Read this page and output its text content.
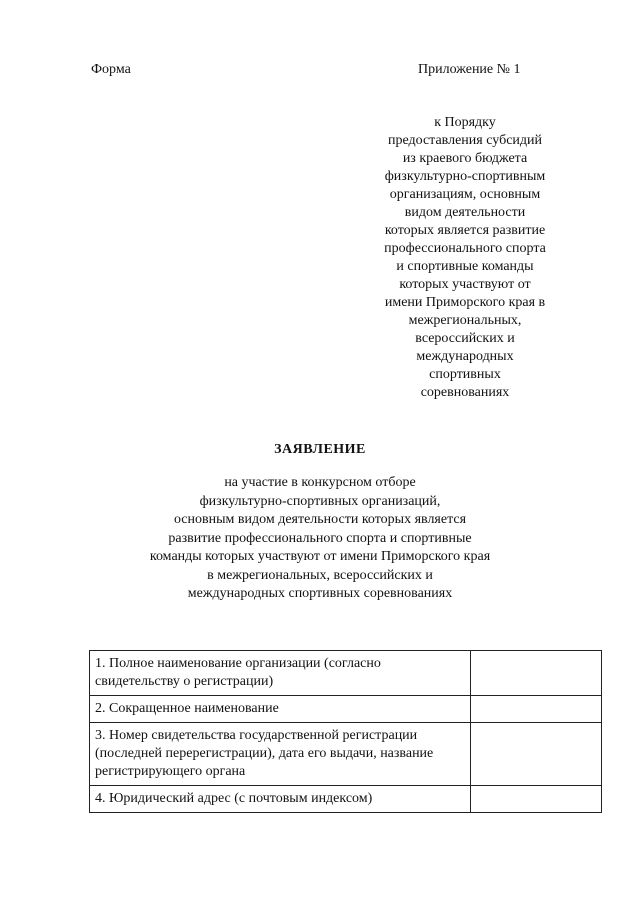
Форма	Приложение № 1
к Порядку
предоставления субсидий
из краевого бюджета
физкультурно-спортивным
организациям, основным
видом деятельности
которых является развитие
профессионального спорта
и спортивные команды
которых участвуют от
имени Приморского края в
межрегиональных,
всероссийских и
международных
спортивных
соревнованиях
ЗАЯВЛЕНИЕ
на участие в конкурсном отборе
физкультурно-спортивных организаций,
основным видом деятельности которых является
развитие профессионального спорта и спортивные
команды которых участвуют от имени Приморского края
в межрегиональных, всероссийских и
международных спортивных соревнованиях
1. Полное наименование организации (согласно свидетельству о регистрации)	
2. Сокращенное наименование	
3. Номер свидетельства государственной регистрации (последней перерегистрации), дата его выдачи, название регистрирующего органа	
4. Юридический адрес (с почтовым индексом)	
